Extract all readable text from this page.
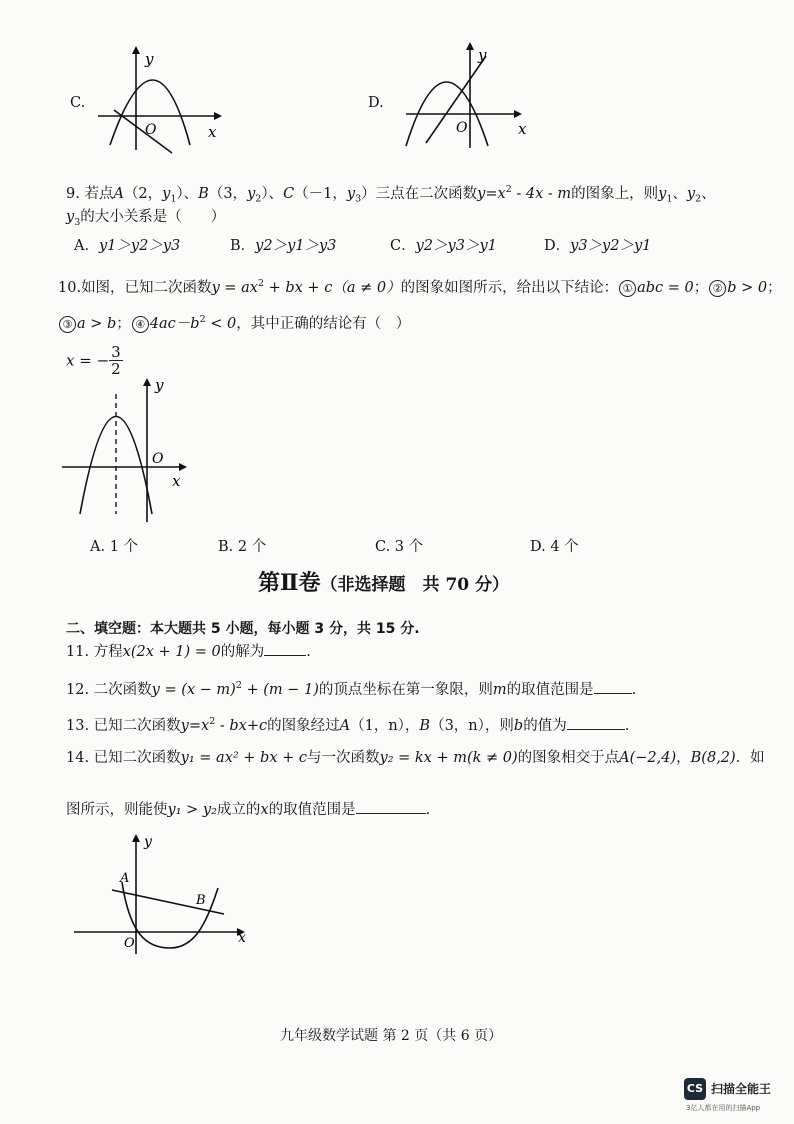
C.
y
x
O
D.
y
x
O
9. 若点A（2，$y_1$）、B（3，$y_2$）、C（－1，$y_3$）三点在二次函数$y=x^2 - 4x - m$的图象上，则$y_1$、$y_2$、
$y_3$的大小关系是（　　）
A．y1＞y2＞y3	B．y2＞y1＞y3	C．y2＞y3＞y1	D．y3＞y2＞y1
10.如图，已知二次函数$y = ax^2$ + bx + c（a ≠ 0）的图象如图所示，给出以下结论： ① abc = 0； ② b > 0；
③ a > b； ④ $4ac-b^2 < 0$，其中正确的结论有（　）
x = − $\frac{3}{2}$
y
x
O
A. 1 个	B. 2 个	C. 3 个	D. 4 个
第Ⅱ卷（非选择题　共 70 分）
二、填空题：本大题共 5 小题，每小题 3 分，共 15 分.
11. 方程x(2x + 1) = 0的解为	.
12. 二次函数$y = (x - m)^2 + (m - 1)$的顶点坐标在第一象限，则m的取值范围是	.
13. 已知二次函数$y=x^2 - bx+c$的图象经过A（1，n），B（3，n），则b的值为	.
14. 已知二次函数y₁ = ax² + bx + c与一次函数y₂ = kx + m(k ≠ 0)的图象相交于点A(−2,4)，B(8,2)．如
图所示，则能使y₁ > y₂成立的x的取值范围是	.
y
x
O
A
B
九年级数学试题 第 2 页（共 6 页）
CS 扫描全能王
3亿人都在用的扫描App
